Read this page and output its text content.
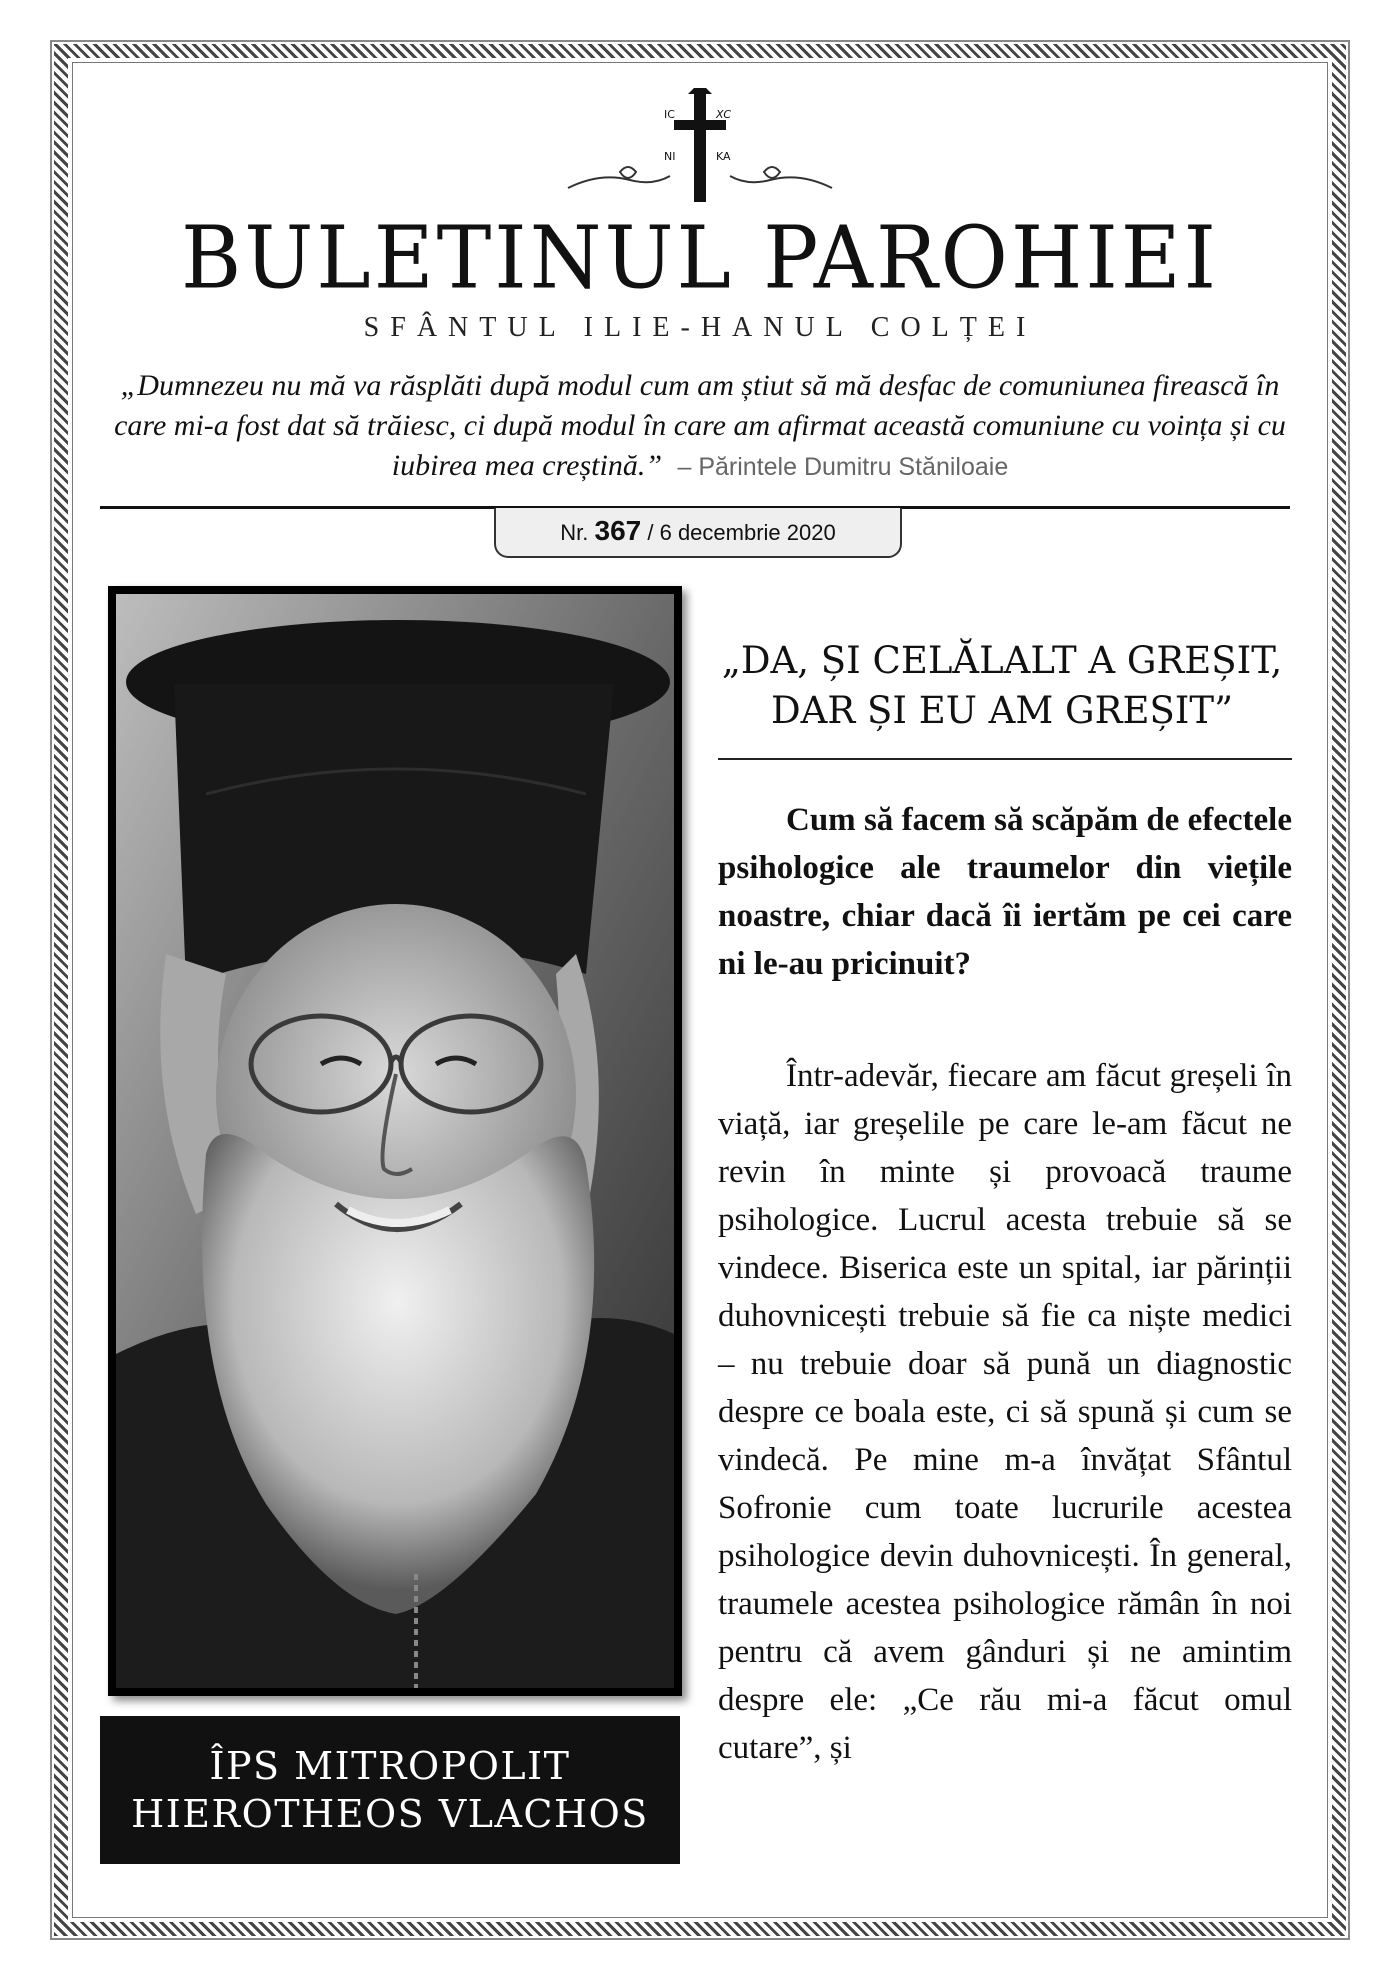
IC	XC
NI	KA
BULETINUL PAROHIEI
SFÂNTUL ILIE-HANUL COLȚEI
„Dumnezeu nu mă va răsplăti după modul cum am știut să mă desfac de comuniunea firească în care mi-a fost dat să trăiesc, ci după modul în care am afirmat această comuniune cu voința și cu iubirea mea creștină.” – Părintele Dumitru Stăniloaie
Nr. 367 / 6 decembrie 2020
ÎPS MITROPOLIT
HIEROTHEOS VLACHOS
„DA, ȘI CELĂLALT A GREȘIT,
DAR ȘI EU AM GREȘIT”

Cum să facem să scăpăm de efectele psihologice ale traumelor din viețile noastre, chiar dacă îi iertăm pe cei care ni le-au pricinuit?

Într-adevăr, fiecare am făcut greșeli în viață, iar greșelile pe care le-am făcut ne revin în minte și provoacă traume psihologice. Lucrul acesta trebuie să se vindece. Biserica este un spital, iar părinții duhovnicești trebuie să fie ca niște medici – nu trebuie doar să pună un diagnostic despre ce boala este, ci să spună și cum se vindecă. Pe mine m-a învățat Sfântul Sofronie cum toate lucrurile acestea psihologice devin duhovnicești. În general, traumele acestea psihologice rămân în noi pentru că avem gânduri și ne amintim despre ele: „Ce rău mi-a făcut omul cutare”, și
